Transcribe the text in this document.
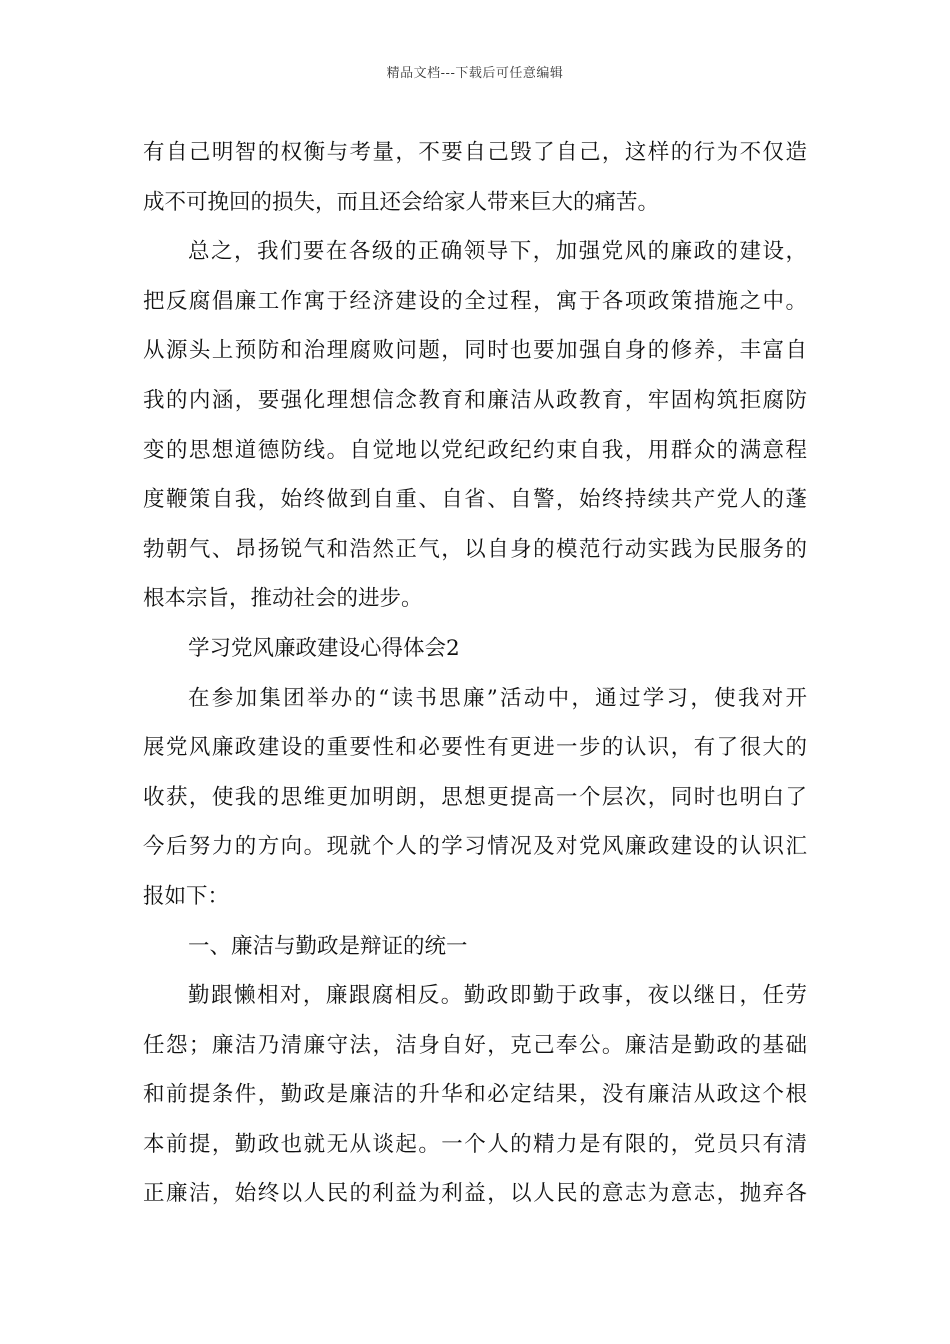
精品文档---下载后可任意编辑
有自己明智的权衡与考量，不要自己毁了自己，这样的行为不仅造
成不可挽回的损失，而且还会给家人带来巨大的痛苦。
总之，我们要在各级的正确领导下，加强党风的廉政的建设，
把反腐倡廉工作寓于经济建设的全过程，寓于各项政策措施之中。
从源头上预防和治理腐败问题，同时也要加强自身的修养，丰富自
我的内涵，要强化理想信念教育和廉洁从政教育，牢固构筑拒腐防
变的思想道德防线。自觉地以党纪政纪约束自我，用群众的满意程
度鞭策自我，始终做到自重、自省、自警，始终持续共产党人的蓬
勃朝气、昂扬锐气和浩然正气，以自身的模范行动实践为民服务的
根本宗旨，推动社会的进步。
学习党风廉政建设心得体会2
在参加集团举办的“读书思廉”活动中，通过学习，使我对开
展党风廉政建设的重要性和必要性有更进一步的认识，有了很大的
收获，使我的思维更加明朗，思想更提高一个层次，同时也明白了
今后努力的方向。现就个人的学习情况及对党风廉政建设的认识汇
报如下：
一、廉洁与勤政是辩证的统一
勤跟懒相对，廉跟腐相反。勤政即勤于政事，夜以继日，任劳
任怨；廉洁乃清廉守法，洁身自好，克己奉公。廉洁是勤政的基础
和前提条件，勤政是廉洁的升华和必定结果，没有廉洁从政这个根
本前提，勤政也就无从谈起。一个人的精力是有限的，党员只有清
正廉洁，始终以人民的利益为利益，以人民的意志为意志，抛弃各
